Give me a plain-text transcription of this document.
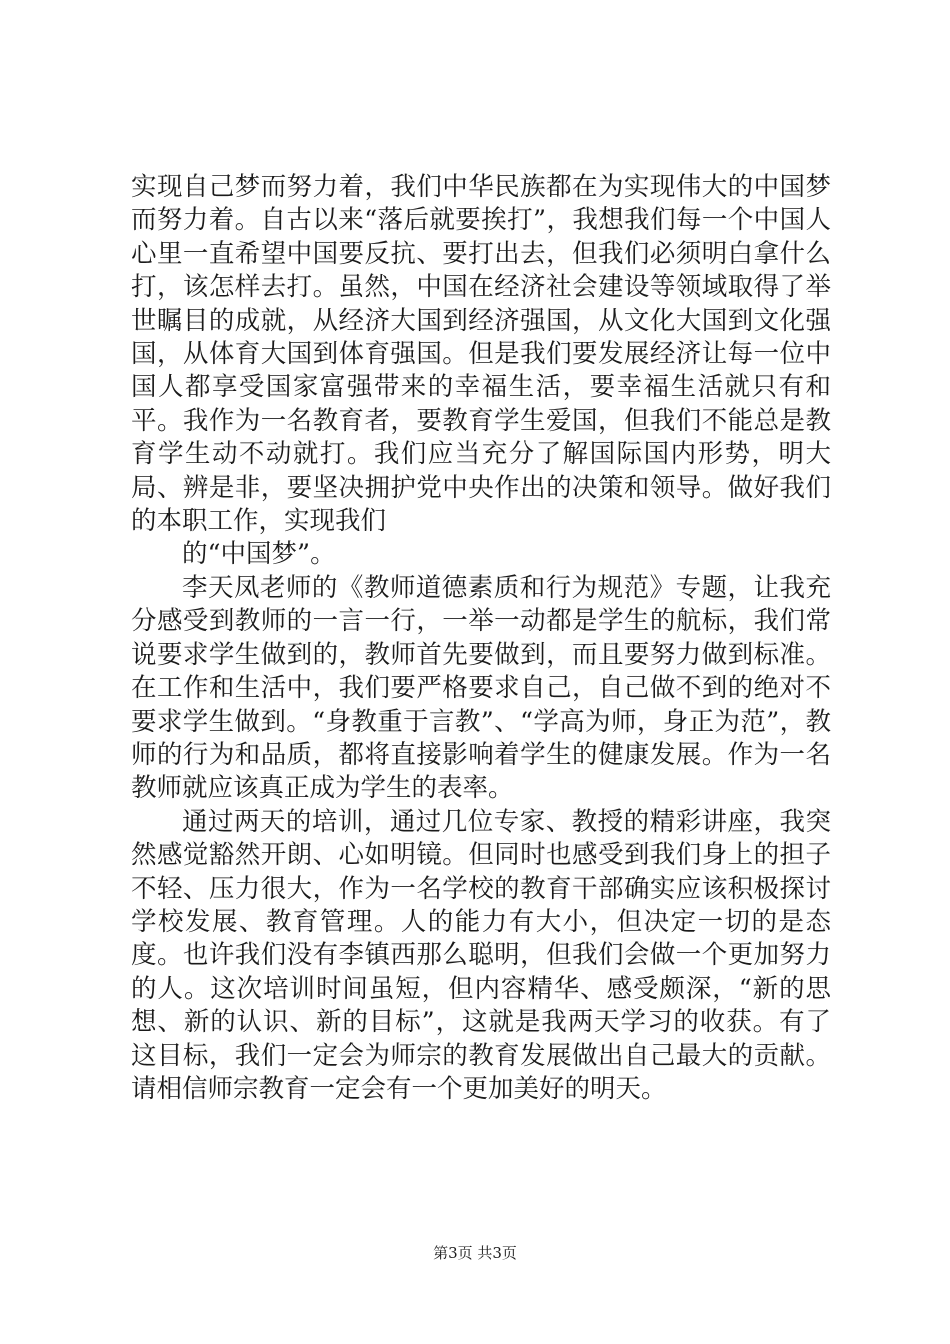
实现自己梦而努力着，我们中华民族都在为实现伟大的中国梦而努力着。自古以来“落后就要挨打”，我想我们每一个中国人心里一直希望中国要反抗、要打出去，但我们必须明白拿什么打，该怎样去打。虽然，中国在经济社会建设等领域取得了举世瞩目的成就，从经济大国到经济强国，从文化大国到文化强国，从体育大国到体育强国。但是我们要发展经济让每一位中国人都享受国家富强带来的幸福生活，要幸福生活就只有和平。我作为一名教育者，要教育学生爱国，但我们不能总是教育学生动不动就打。我们应当充分了解国际国内形势，明大局、辨是非，要坚决拥护党中央作出的决策和领导。做好我们的本职工作，实现我们

的“中国梦”。

李天凤老师的《教师道德素质和行为规范》专题，让我充分感受到教师的一言一行，一举一动都是学生的航标，我们常说要求学生做到的，教师首先要做到，而且要努力做到标准。在工作和生活中，我们要严格要求自己，自己做不到的绝对不要求学生做到。“身教重于言教”、“学高为师，身正为范”，教师的行为和品质，都将直接影响着学生的健康发展。作为一名教师就应该真正成为学生的表率。

通过两天的培训，通过几位专家、教授的精彩讲座，我突然感觉豁然开朗、心如明镜。但同时也感受到我们身上的担子不轻、压力很大，作为一名学校的教育干部确实应该积极探讨学校发展、教育管理。人的能力有大小，但决定一切的是态度。也许我们没有李镇西那么聪明，但我们会做一个更加努力的人。这次培训时间虽短，但内容精华、感受颇深，“新的思想、新的认识、新的目标”，这就是我两天学习的收获。有了这目标，我们一定会为师宗的教育发展做出自己最大的贡献。请相信师宗教育一定会有一个更加美好的明天。

第3页 共3页
